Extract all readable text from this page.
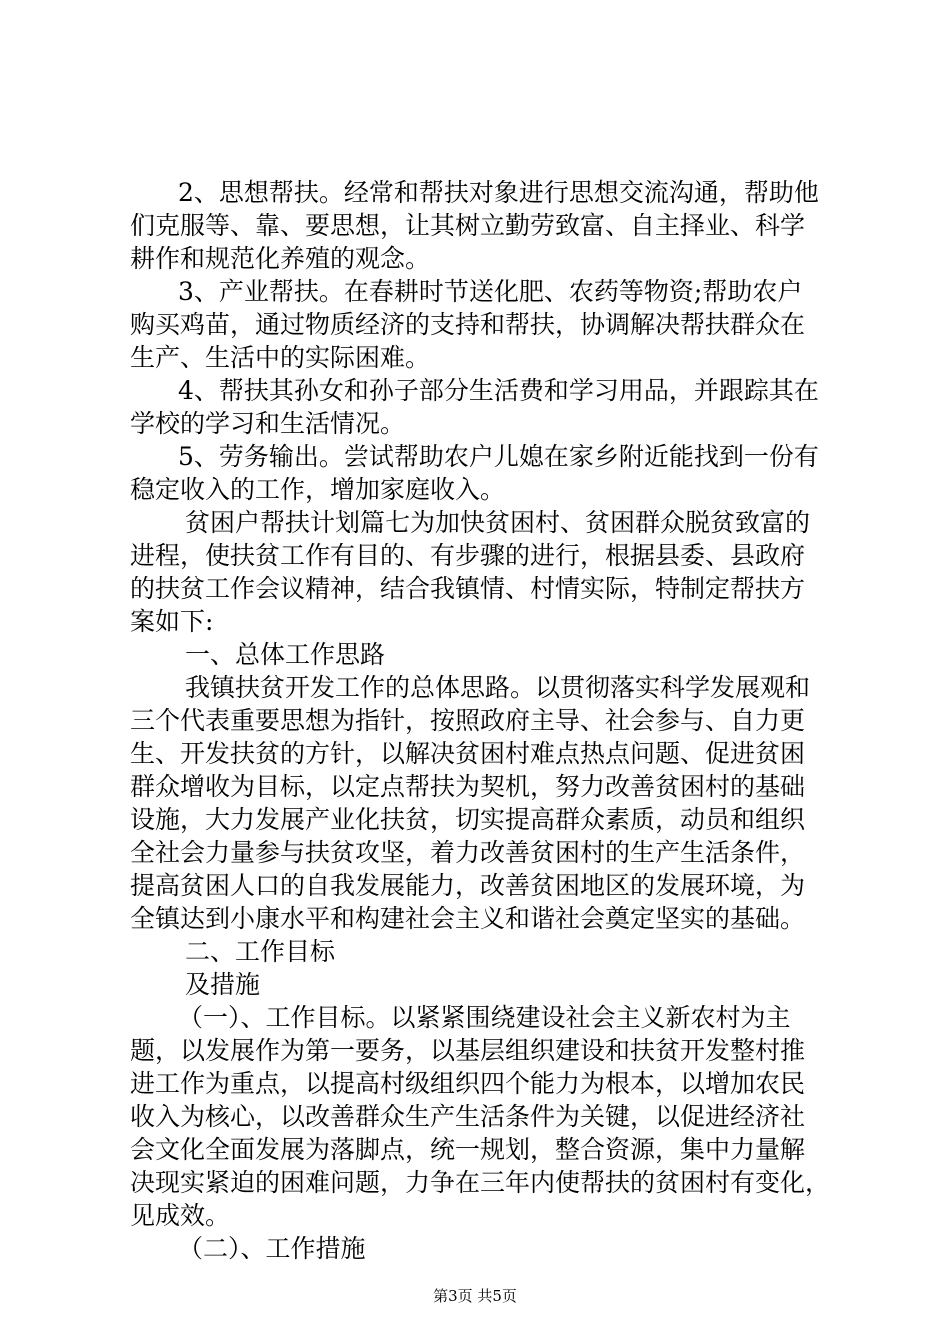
2、思想帮扶。经常和帮扶对象进行思想交流沟通，帮助他
们克服等、靠、要思想，让其树立勤劳致富、自主择业、科学
耕作和规范化养殖的观念。
3、产业帮扶。在春耕时节送化肥、农药等物资;帮助农户
购买鸡苗，通过物质经济的支持和帮扶，协调解决帮扶群众在
生产、生活中的实际困难。
4、帮扶其孙女和孙子部分生活费和学习用品，并跟踪其在
学校的学习和生活情况。
5、劳务输出。尝试帮助农户儿媳在家乡附近能找到一份有
稳定收入的工作，增加家庭收入。
贫困户帮扶计划篇七为加快贫困村、贫困群众脱贫致富的
进程，使扶贫工作有目的、有步骤的进行，根据县委、县政府
的扶贫工作会议精神，结合我镇情、村情实际，特制定帮扶方
案如下:
一、总体工作思路
我镇扶贫开发工作的总体思路。以贯彻落实科学发展观和
三个代表重要思想为指针，按照政府主导、社会参与、自力更
生、开发扶贫的方针，以解决贫困村难点热点问题、促进贫困
群众增收为目标，以定点帮扶为契机，努力改善贫困村的基础
设施，大力发展产业化扶贫，切实提高群众素质，动员和组织
全社会力量参与扶贫攻坚，着力改善贫困村的生产生活条件，
提高贫困人口的自我发展能力，改善贫困地区的发展环境，为
全镇达到小康水平和构建社会主义和谐社会奠定坚实的基础。
二、工作目标
及措施
（一）、工作目标。以紧紧围绕建设社会主义新农村为主
题，以发展作为第一要务，以基层组织建设和扶贫开发整村推
进工作为重点，以提高村级组织四个能力为根本，以增加农民
收入为核心，以改善群众生产生活条件为关键，以促进经济社
会文化全面发展为落脚点，统一规划，整合资源，集中力量解
决现实紧迫的困难问题，力争在三年内使帮扶的贫困村有变化，
见成效。
（二）、工作措施
第3页 共5页
